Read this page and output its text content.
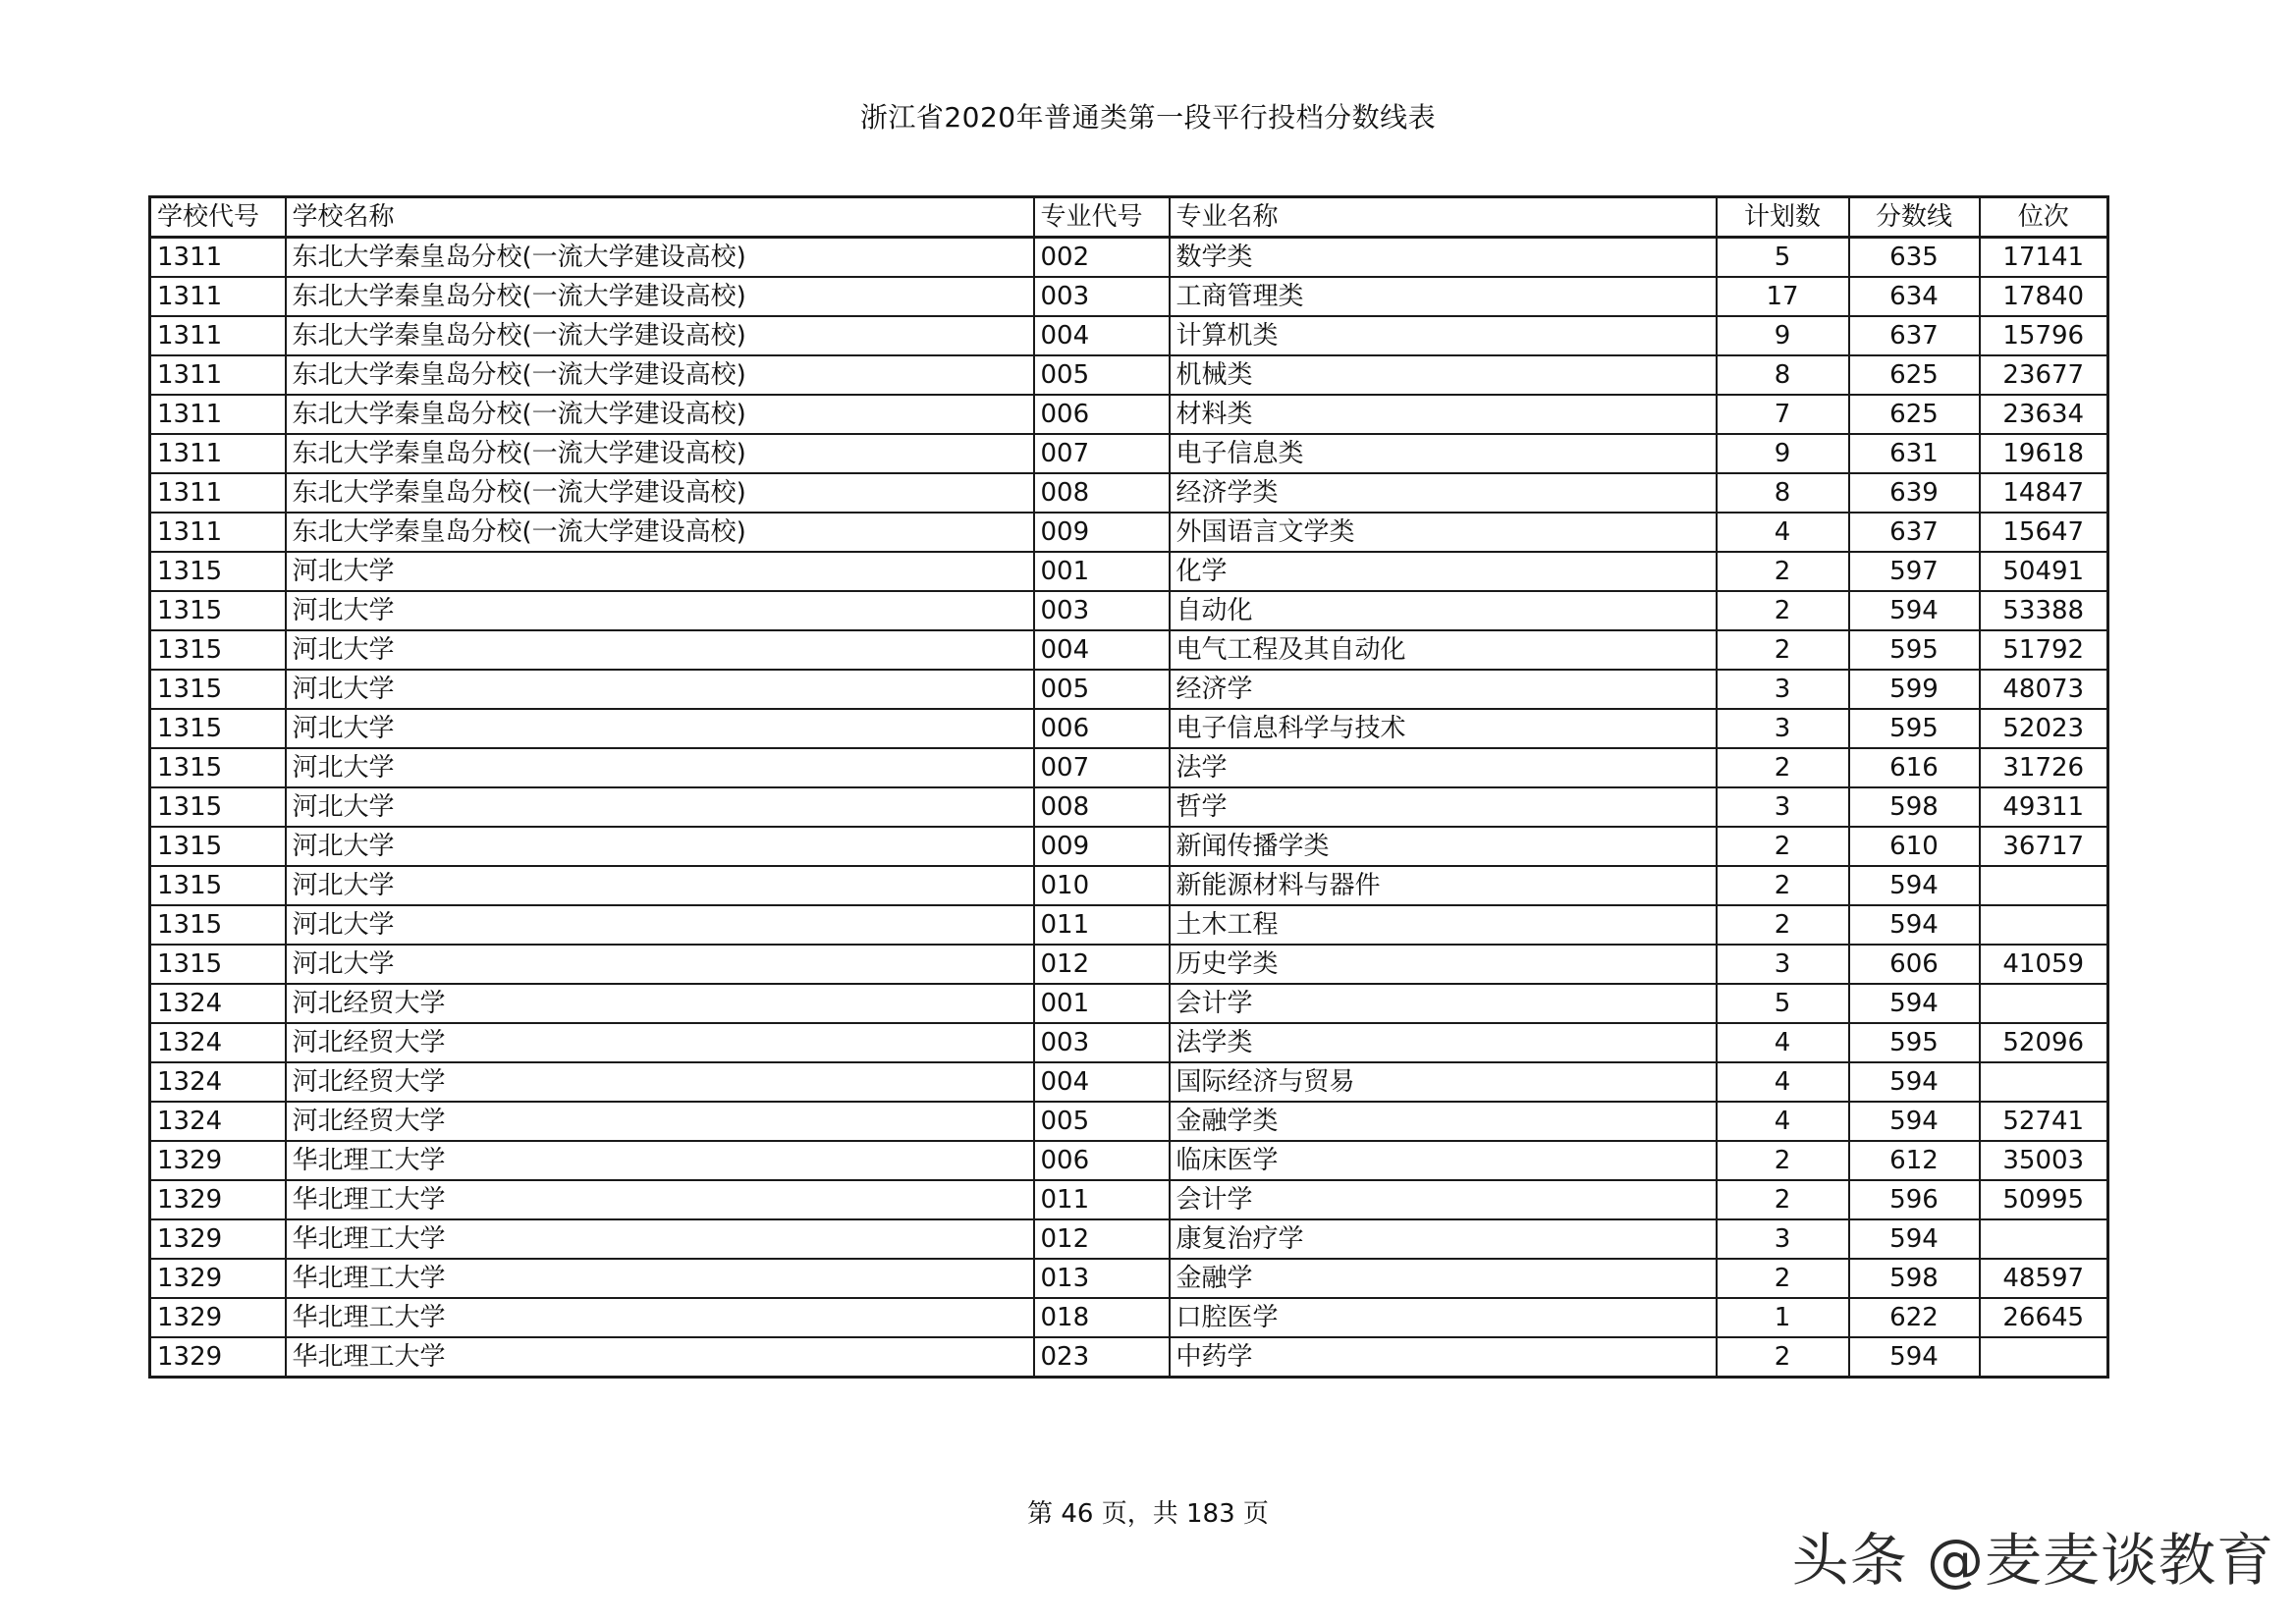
浙江省2020年普通类第一段平行投档分数线表
学校代号	学校名称	专业代号	专业名称	计划数	分数线	位次
1311	东北大学秦皇岛分校(一流大学建设高校)	002	数学类	5	635	17141
1311	东北大学秦皇岛分校(一流大学建设高校)	003	工商管理类	17	634	17840
1311	东北大学秦皇岛分校(一流大学建设高校)	004	计算机类	9	637	15796
1311	东北大学秦皇岛分校(一流大学建设高校)	005	机械类	8	625	23677
1311	东北大学秦皇岛分校(一流大学建设高校)	006	材料类	7	625	23634
1311	东北大学秦皇岛分校(一流大学建设高校)	007	电子信息类	9	631	19618
1311	东北大学秦皇岛分校(一流大学建设高校)	008	经济学类	8	639	14847
1311	东北大学秦皇岛分校(一流大学建设高校)	009	外国语言文学类	4	637	15647
1315	河北大学	001	化学	2	597	50491
1315	河北大学	003	自动化	2	594	53388
1315	河北大学	004	电气工程及其自动化	2	595	51792
1315	河北大学	005	经济学	3	599	48073
1315	河北大学	006	电子信息科学与技术	3	595	52023
1315	河北大学	007	法学	2	616	31726
1315	河北大学	008	哲学	3	598	49311
1315	河北大学	009	新闻传播学类	2	610	36717
1315	河北大学	010	新能源材料与器件	2	594	
1315	河北大学	011	土木工程	2	594	
1315	河北大学	012	历史学类	3	606	41059
1324	河北经贸大学	001	会计学	5	594	
1324	河北经贸大学	003	法学类	4	595	52096
1324	河北经贸大学	004	国际经济与贸易	4	594	
1324	河北经贸大学	005	金融学类	4	594	52741
1329	华北理工大学	006	临床医学	2	612	35003
1329	华北理工大学	011	会计学	2	596	50995
1329	华北理工大学	012	康复治疗学	3	594	
1329	华北理工大学	013	金融学	2	598	48597
1329	华北理工大学	018	口腔医学	1	622	26645
1329	华北理工大学	023	中药学	2	594	
第 46 页，共 183 页
头条 @麦麦谈教育
